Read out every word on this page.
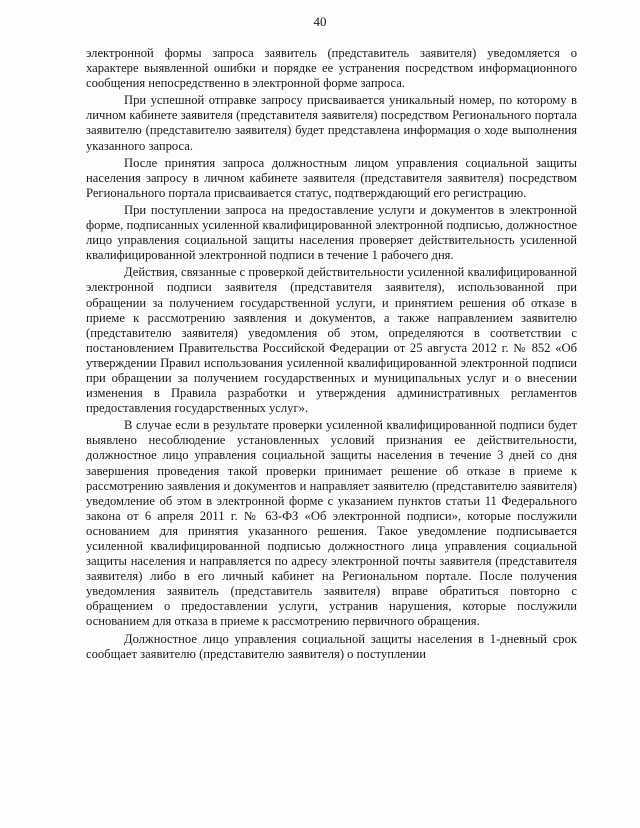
40

электронной формы запроса заявитель (представитель заявителя) уведомляется о характере выявленной ошибки и порядке ее устранения посредством информационного сообщения непосредственно в электронной форме запроса.

При успешной отправке запросу присваивается уникальный номер, по которому в личном кабинете заявителя (представителя заявителя) посредством Регионального портала заявителю (представителю заявителя) будет представлена информация о ходе выполнения указанного запроса.

После принятия запроса должностным лицом управления социальной защиты населения запросу в личном кабинете заявителя (представителя заявителя) посредством Регионального портала присваивается статус, подтверждающий его регистрацию.

При поступлении запроса на предоставление услуги и документов в электронной форме, подписанных усиленной квалифицированной электронной подписью, должностное лицо управления социальной защиты населения проверяет действительность усиленной квалифицированной электронной подписи в течение 1 рабочего дня.

Действия, связанные с проверкой действительности усиленной квалифицированной электронной подписи заявителя (представителя заявителя), использованной при обращении за получением государственной услуги, и принятием решения об отказе в приеме к рассмотрению заявления и документов, а также направлением заявителю (представителю заявителя) уведомления об этом, определяются в соответствии с постановлением Правительства Российской Федерации от 25 августа 2012 г. № 852 «Об утверждении Правил использования усиленной квалифицированной электронной подписи при обращении за получением государственных и муниципальных услуг и о внесении изменения в Правила разработки и утверждения административных регламентов предоставления государственных услуг».

В случае если в результате проверки усиленной квалифицированной подписи будет выявлено несоблюдение установленных условий признания ее действительности, должностное лицо управления социальной защиты населения в течение 3 дней со дня завершения проведения такой проверки принимает решение об отказе в приеме к рассмотрению заявления и документов и направляет заявителю (представителю заявителя) уведомление об этом в электронной форме с указанием пунктов статьи 11 Федерального закона от 6 апреля 2011 г. № 63-ФЗ «Об электронной подписи», которые послужили основанием для принятия указанного решения. Такое уведомление подписывается усиленной квалифицированной подписью должностного лица управления социальной защиты населения и направляется по адресу электронной почты заявителя (представителя заявителя) либо в его личный кабинет на Региональном портале. После получения уведомления заявитель (представитель заявителя) вправе обратиться повторно с обращением о предоставлении услуги, устранив нарушения, которые послужили основанием для отказа в приеме к рассмотрению первичного обращения.

Должностное лицо управления социальной защиты населения в 1-дневный срок сообщает заявителю (представителю заявителя) о поступлении
